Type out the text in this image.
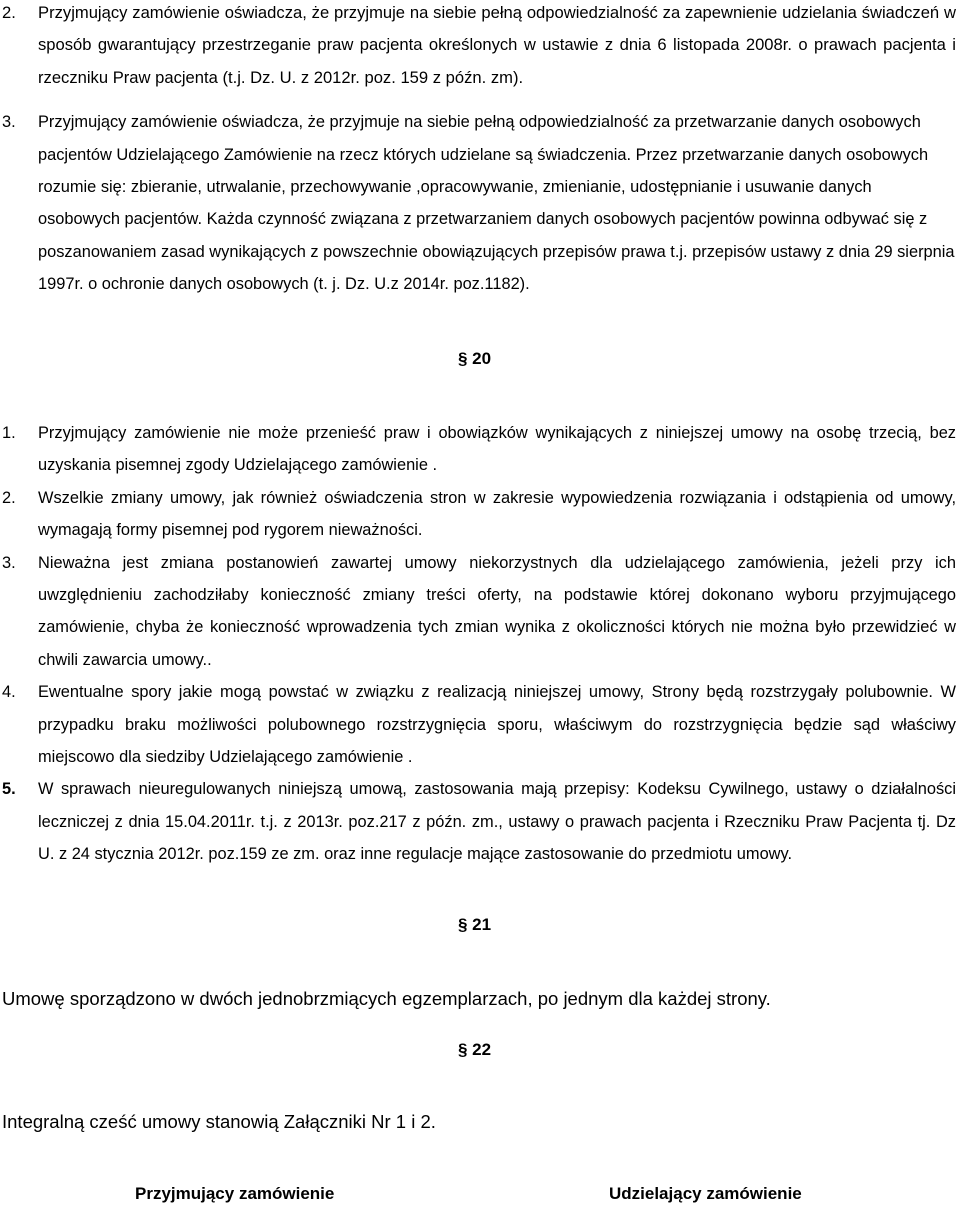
2. Przyjmujący zamówienie oświadcza, że przyjmuje na siebie pełną odpowiedzialność za zapewnienie udzielania świadczeń w sposób gwarantujący przestrzeganie praw pacjenta określonych w ustawie z dnia 6 listopada 2008r. o prawach pacjenta i rzeczniku Praw pacjenta (t.j. Dz. U. z 2012r. poz. 159 z późn. zm).
3. Przyjmujący zamówienie oświadcza, że przyjmuje na siebie pełną odpowiedzialność za przetwarzanie danych osobowych pacjentów Udzielającego Zamówienie na rzecz których udzielane są świadczenia. Przez przetwarzanie danych osobowych rozumie się: zbieranie, utrwalanie, przechowywanie ,opracowywanie, zmienianie, udostępnianie i usuwanie danych osobowych pacjentów. Każda czynność związana z przetwarzaniem danych osobowych pacjentów powinna odbywać się z poszanowaniem zasad wynikających z powszechnie obowiązujących przepisów prawa t.j. przepisów ustawy z dnia 29 sierpnia 1997r. o ochronie danych osobowych (t. j. Dz. U.z 2014r. poz.1182).
§ 20
1. Przyjmujący zamówienie nie może przenieść praw i obowiązków wynikających z niniejszej umowy na osobę trzecią, bez uzyskania pisemnej zgody Udzielającego zamówienie .
2. Wszelkie zmiany umowy, jak również oświadczenia stron w zakresie wypowiedzenia rozwiązania i odstąpienia od umowy, wymagają formy pisemnej pod rygorem nieważności.
3. Nieważna jest zmiana postanowień zawartej umowy niekorzystnych dla udzielającego zamówienia, jeżeli przy ich uwzględnieniu zachodziłaby konieczność zmiany treści oferty, na podstawie której dokonano wyboru przyjmującego zamówienie, chyba że konieczność wprowadzenia tych zmian wynika z okoliczności których nie można było przewidzieć w chwili zawarcia umowy..
4. Ewentualne spory jakie mogą powstać w związku z realizacją niniejszej umowy, Strony będą rozstrzygały polubownie. W przypadku braku możliwości polubownego rozstrzygnięcia sporu, właściwym do rozstrzygnięcia będzie sąd właściwy miejscowo dla siedziby Udzielającego zamówienie .
5. W sprawach nieuregulowanych niniejszą umową, zastosowania mają przepisy: Kodeksu Cywilnego, ustawy o działalności leczniczej z dnia 15.04.2011r. t.j. z 2013r. poz.217 z późn. zm., ustawy o prawach pacjenta i Rzeczniku Praw Pacjenta tj. Dz U. z 24 stycznia 2012r. poz.159 ze zm. oraz inne regulacje mające zastosowanie do przedmiotu umowy.
§ 21
Umowę sporządzono w dwóch jednobrzmiących egzemplarzach, po jednym dla każdej strony.
§ 22
Integralną cześć umowy stanowią Załączniki Nr 1 i 2.
Przyjmujący zamówienie	Udzielający zamówienie
